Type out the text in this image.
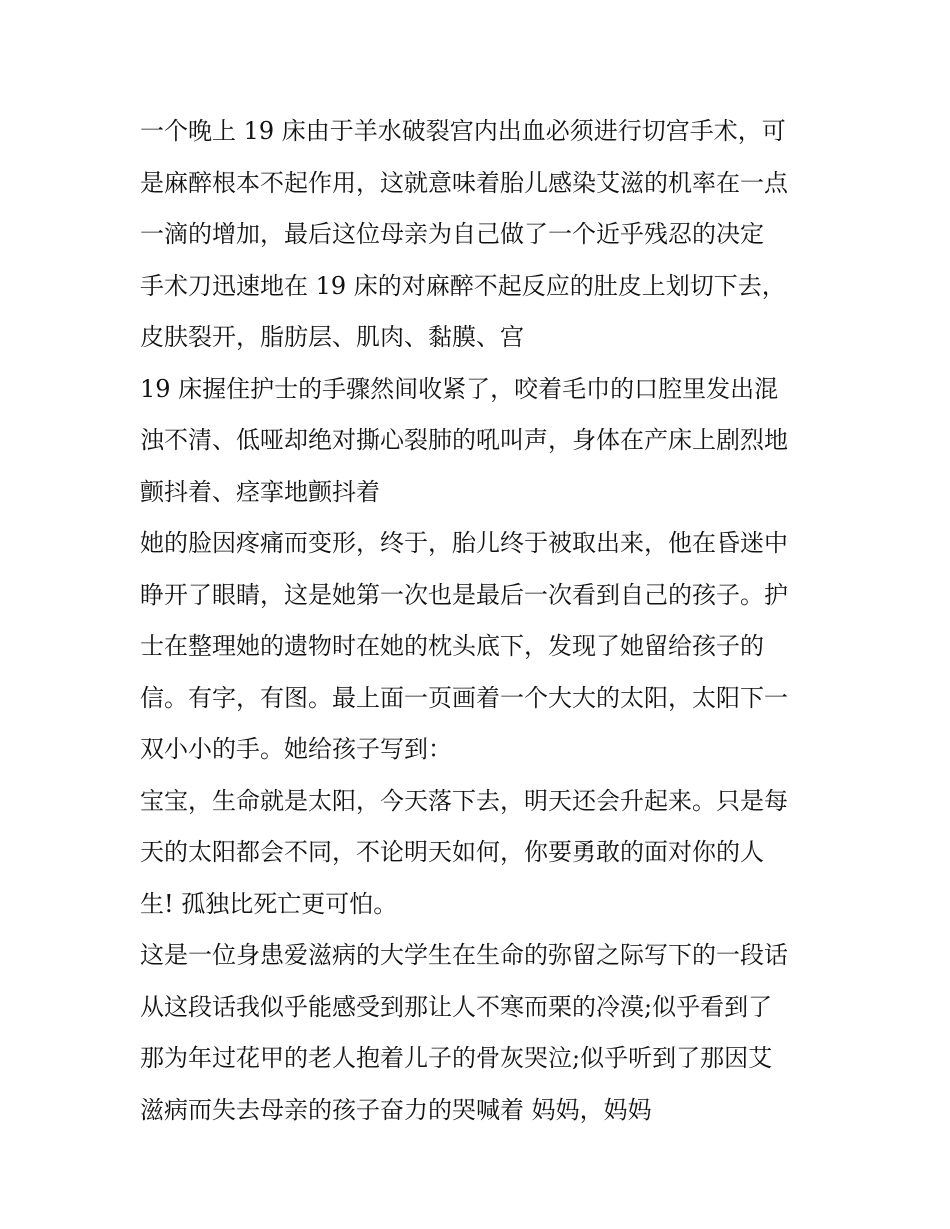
一个晚上 19 床由于羊水破裂宫内出血必须进行切宫手术，可
是麻醉根本不起作用，这就意味着胎儿感染艾滋的机率在一点
一滴的增加，最后这位母亲为自己做了一个近乎残忍的决定
手术刀迅速地在 19 床的对麻醉不起反应的肚皮上划切下去，
皮肤裂开，脂肪层、肌肉、黏膜、宫
19 床握住护士的手骤然间收紧了，咬着毛巾的口腔里发出混
浊不清、低哑却绝对撕心裂肺的吼叫声，身体在产床上剧烈地
颤抖着、痉挛地颤抖着
她的脸因疼痛而变形，终于，胎儿终于被取出来，他在昏迷中
睁开了眼睛，这是她第一次也是最后一次看到自己的孩子。护
士在整理她的遗物时在她的枕头底下，发现了她留给孩子的
信。有字，有图。最上面一页画着一个大大的太阳，太阳下一
双小小的手。她给孩子写到：
宝宝，生命就是太阳，今天落下去，明天还会升起来。只是每
天的太阳都会不同，不论明天如何，你要勇敢的面对你的人
生! 孤独比死亡更可怕。
这是一位身患爱滋病的大学生在生命的弥留之际写下的一段话
从这段话我似乎能感受到那让人不寒而栗的冷漠;似乎看到了
那为年过花甲的老人抱着儿子的骨灰哭泣;似乎听到了那因艾
滋病而失去母亲的孩子奋力的哭喊着 妈妈，妈妈
